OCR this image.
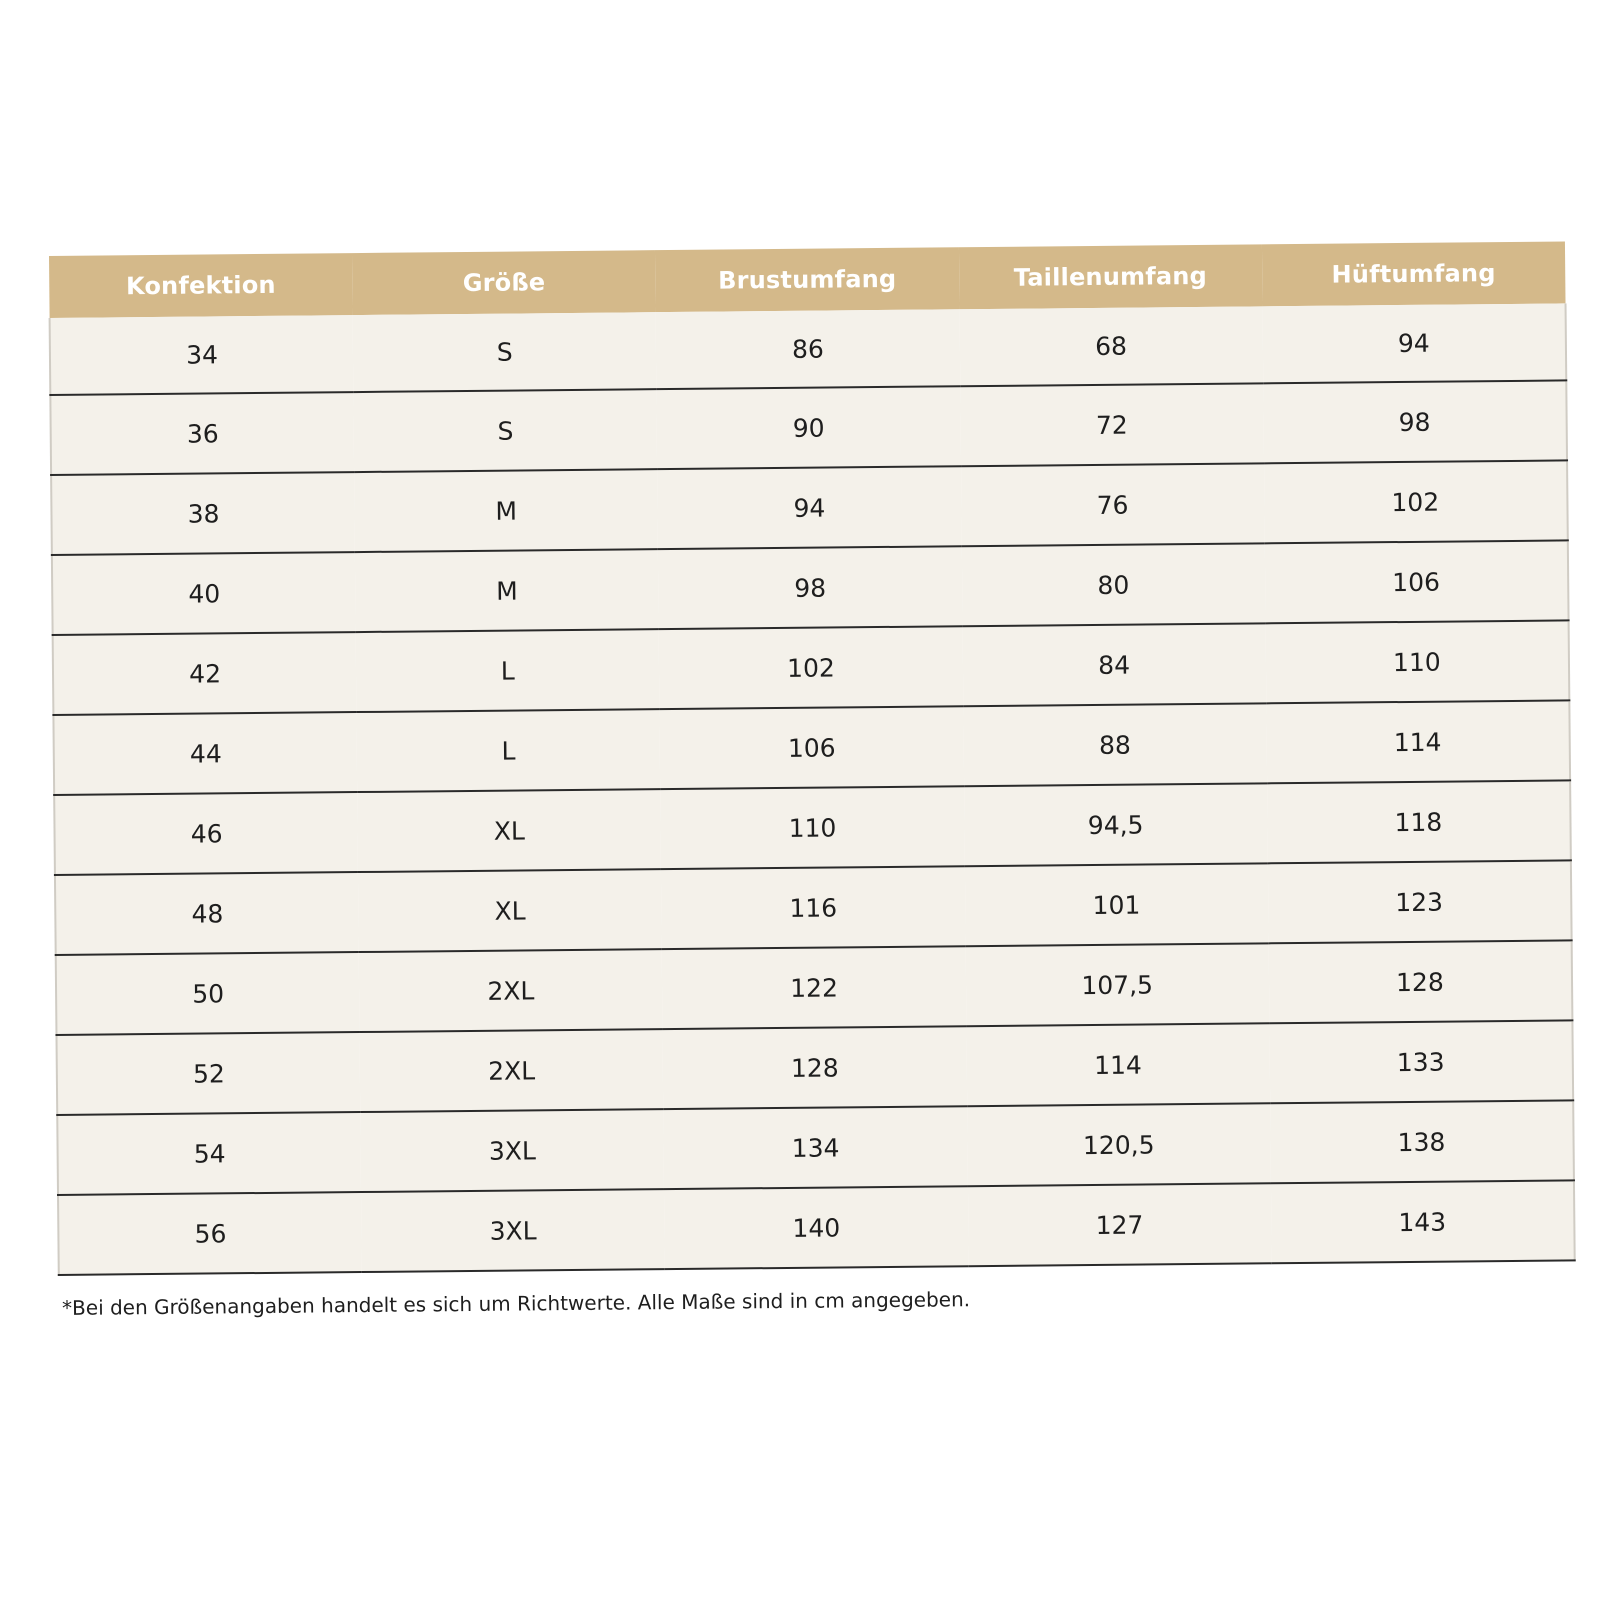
Konfektion	Größe	Brustumfang	Taillenumfang	Hüftumfang
34	S	86	68	94
36	S	90	72	98
38	M	94	76	102
40	M	98	80	106
42	L	102	84	110
44	L	106	88	114
46	XL	110	94,5	118
48	XL	116	101	123
50	2XL	122	107,5	128
52	2XL	128	114	133
54	3XL	134	120,5	138
56	3XL	140	127	143
*Bei den Größenangaben handelt es sich um Richtwerte. Alle Maße sind in cm angegeben.
